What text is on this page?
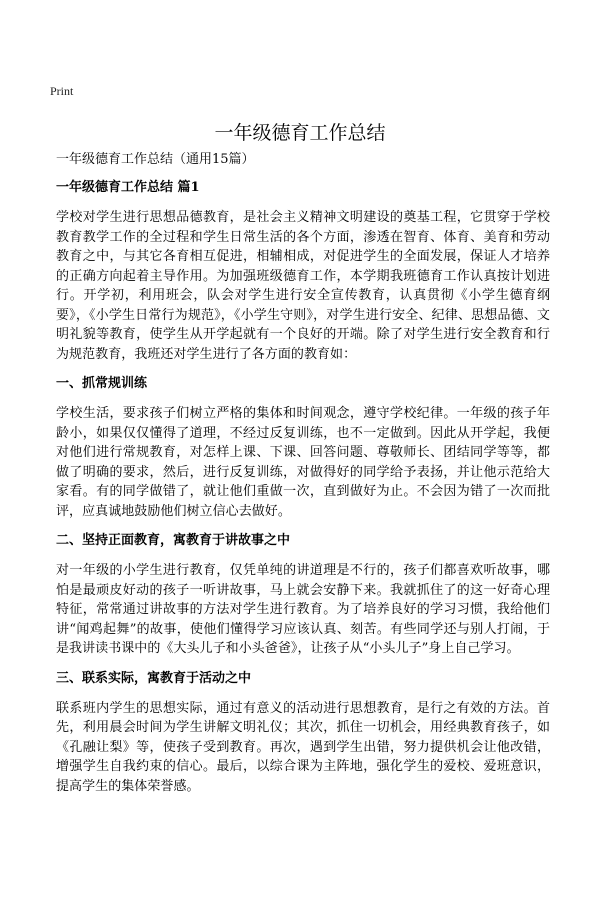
Print
一年级德育工作总结

一年级德育工作总结（通用15篇）

一年级德育工作总结 篇1

学校对学生进行思想品德教育，是社会主义精神文明建设的奠基工程，它贯穿于学校教育教学工作的全过程和学生日常生活的各个方面，渗透在智育、体育、美育和劳动教育之中，与其它各育相互促进，相辅相成，对促进学生的全面发展，保证人才培养的正确方向起着主导作用。为加强班级德育工作，本学期我班德育工作认真按计划进行。开学初，利用班会，队会对学生进行安全宣传教育，认真贯彻《小学生德育纲要》，《小学生日常行为规范》，《小学生守则》，对学生进行安全、纪律、思想品德、文明礼貌等教育，使学生从开学起就有一个良好的开端。除了对学生进行安全教育和行为规范教育，我班还对学生进行了各方面的教育如：

一、抓常规训练

学校生活，要求孩子们树立严格的集体和时间观念，遵守学校纪律。一年级的孩子年龄小，如果仅仅懂得了道理，不经过反复训练，也不一定做到。因此从开学起，我便对他们进行常规教育，对怎样上课、下课、回答问题、尊敬师长、团结同学等等，都做了明确的要求，然后，进行反复训练，对做得好的同学给予表扬，并让他示范给大家看。有的同学做错了，就让他们重做一次，直到做好为止。不会因为错了一次而批评，应真诚地鼓励他们树立信心去做好。

二、坚持正面教育，寓教育于讲故事之中

对一年级的小学生进行教育，仅凭单纯的讲道理是不行的，孩子们都喜欢听故事，哪怕是最顽皮好动的孩子一听讲故事，马上就会安静下来。我就抓住了的这一好奇心理特征，常常通过讲故事的方法对学生进行教育。为了培养良好的学习习惯，我给他们讲“闻鸡起舞”的故事，使他们懂得学习应该认真、刻苦。有些同学还与别人打闹，于是我讲读书课中的《大头儿子和小头爸爸》，让孩子从“小头儿子”身上自己学习。

三、联系实际，寓教育于活动之中

联系班内学生的思想实际，通过有意义的活动进行思想教育，是行之有效的方法。首先，利用晨会时间为学生讲解文明礼仪；其次，抓住一切机会，用经典教育孩子，如《孔融让梨》等，使孩子受到教育。再次，遇到学生出错，努力提供机会让他改错，增强学生自我约束的信心。最后，以综合课为主阵地，强化学生的爱校、爱班意识，提高学生的集体荣誉感。
